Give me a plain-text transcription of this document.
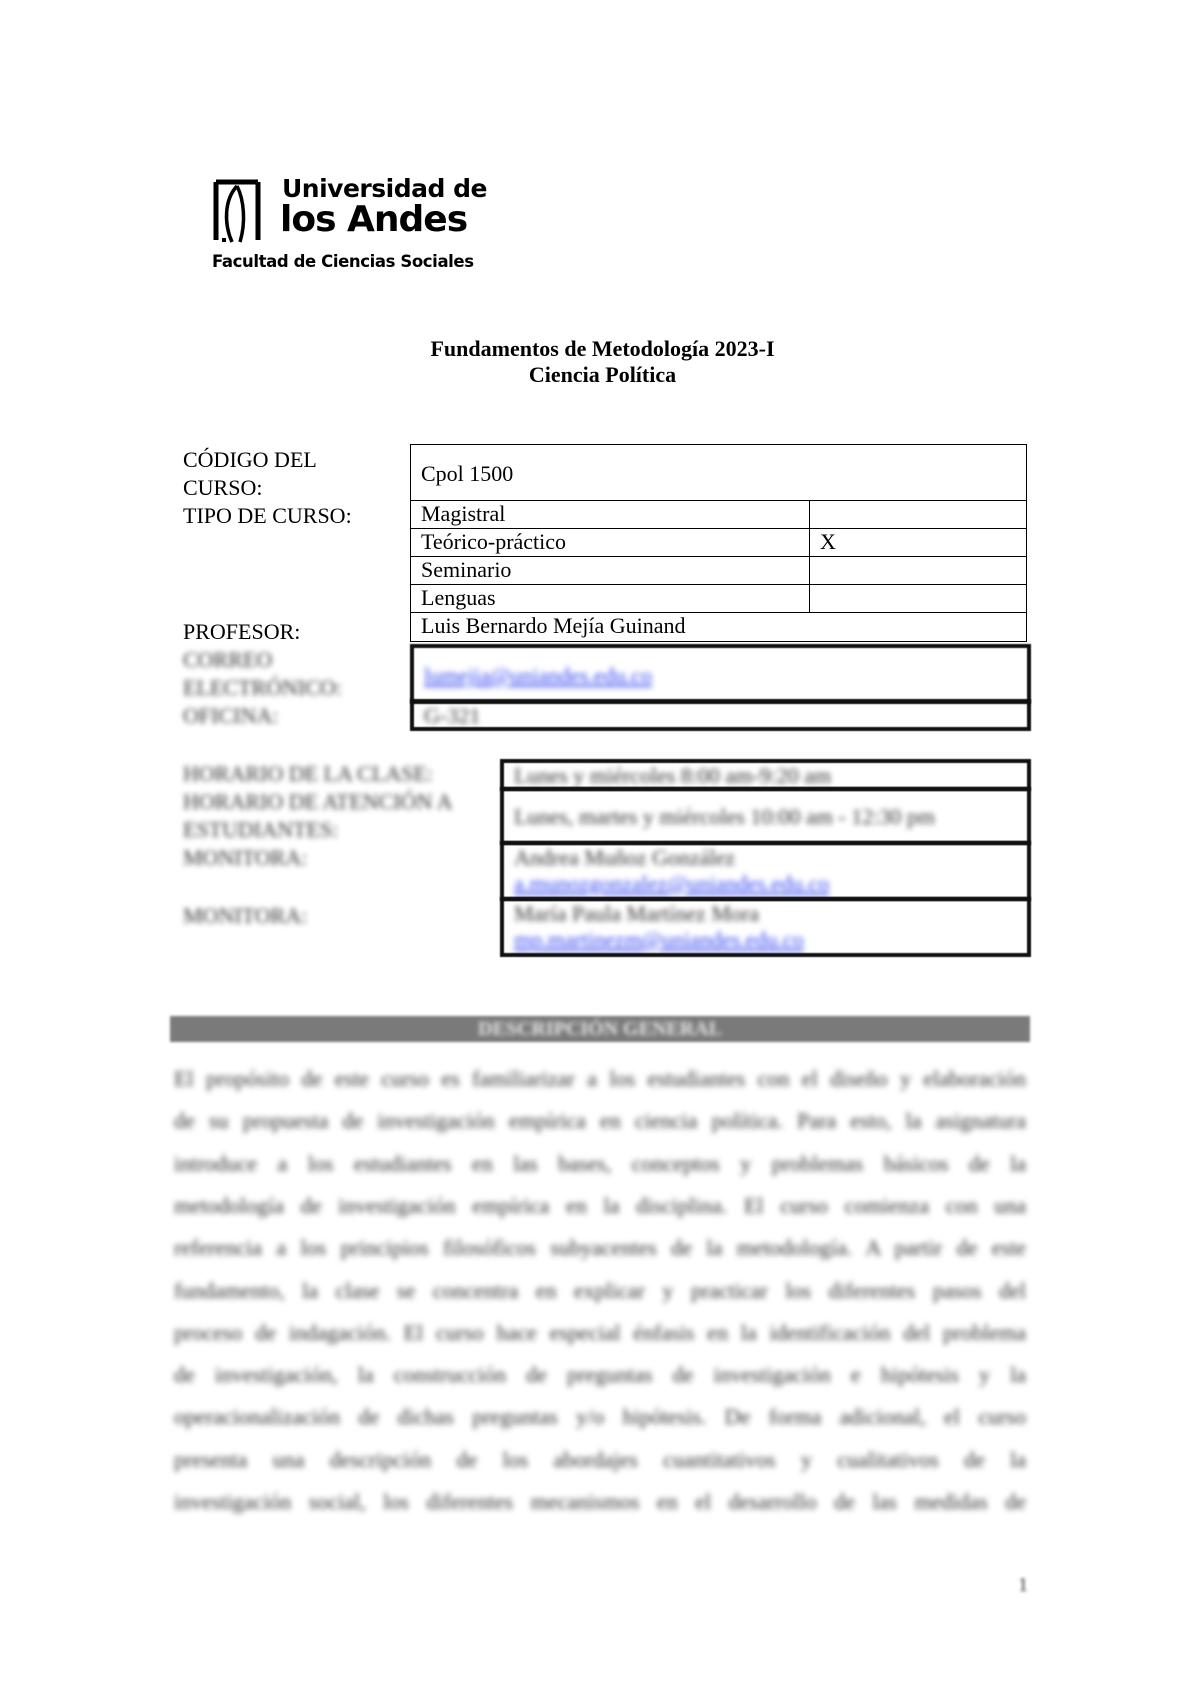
Universidad de
los Andes
Facultad de Ciencias Sociales
Fundamentos de Metodología 2023-I
Ciencia Política
CÓDIGO DEL CURSO:
TIPO DE CURSO:
PROFESOR:
CORREO ELECTRÓNICO:
OFICINA:
Cpol 1500
Magistral
Teórico-práctico	X
Seminario
Lenguas
Luis Bernardo Mejía Guinand
lumejia@uniandes.edu.co
G-321
HORARIO DE LA CLASE:
HORARIO DE ATENCIÓN A ESTUDIANTES:
MONITORA:
MONITORA:
Lunes y miércoles 8:00 am-9:20 am
Lunes, martes y miércoles 10:00 am - 12:30 pm
Andrea Muñoz González
a.munozgonzalez@uniandes.edu.co
María Paula Martínez Mora
mp.martinezm@uniandes.edu.co
DESCRIPCIÓN GENERAL
El propósito de este curso es familiarizar a los estudiantes con el diseño y elaboración
de su propuesta de investigación empírica en ciencia política. Para esto, la asignatura
introduce a los estudiantes en las bases, conceptos y problemas básicos de la
metodología de investigación empírica en la disciplina. El curso comienza con una
referencia a los principios filosóficos subyacentes de la metodología. A partir de este
fundamento, la clase se concentra en explicar y practicar los diferentes pasos del
proceso de indagación. El curso hace especial énfasis en la identificación del problema
de investigación, la construcción de preguntas de investigación e hipótesis y la
operacionalización de dichas preguntas y/o hipótesis. De forma adicional, el curso
presenta una descripción de los abordajes cuantitativos y cualitativos de la
investigación social, los diferentes mecanismos en el desarrollo de las medidas de
1
